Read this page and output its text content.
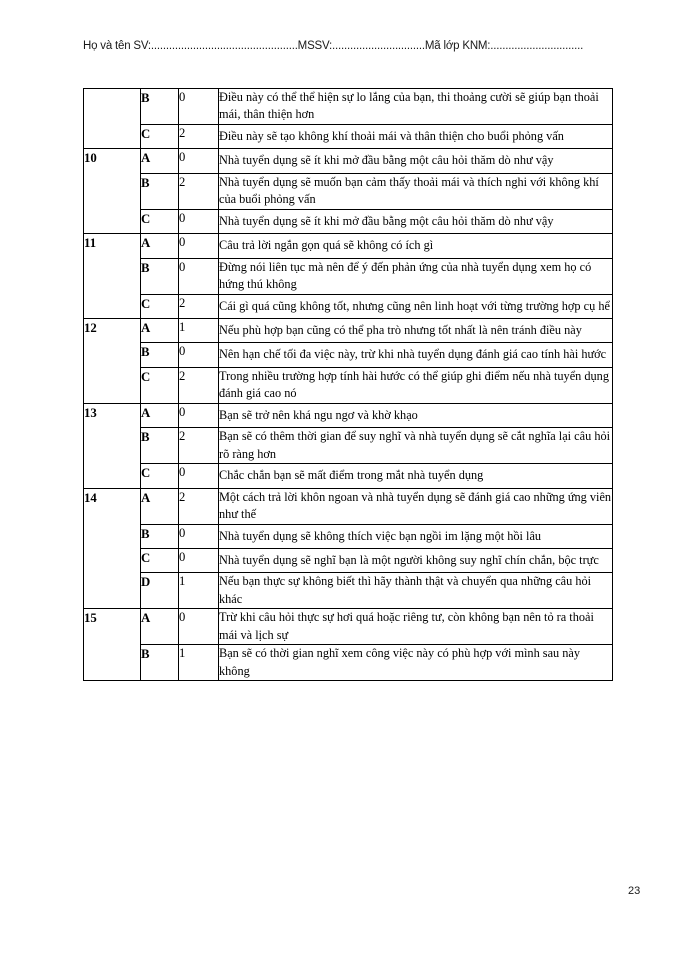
Họ và tên SV:.................................................MSSV:...............................Mã lớp KNM:...............................
	B	0	Điều này có thể thể hiện sự lo lắng của bạn, thi thoảng cười sẽ giúp bạn thoải mái, thân thiện hơn
	C	2	Điều này sẽ tạo không khí thoải mái và thân thiện cho buổi phỏng vấn
10	A	0	Nhà tuyển dụng sẽ ít khi mở đầu bằng một câu hỏi thăm dò như vậy
	B	2	Nhà tuyển dụng sẽ muốn bạn cảm thấy thoải mái và thích nghi với không khí của buổi phỏng vấn
	C	0	Nhà tuyển dụng sẽ ít khi mở đầu bằng một câu hỏi thăm dò như vậy
11	A	0	Câu trả lời ngắn gọn quá sẽ không có ích gì
	B	0	Đừng nói liên tục mà nên để ý đến phản ứng của nhà tuyển dụng xem họ có hứng thú không
	C	2	Cái gì quá cũng không tốt, nhưng cũng nên linh hoạt với từng trường hợp cụ hể
12	A	1	Nếu phù hợp bạn cũng có thể pha trò nhưng tốt nhất là nên tránh điều này
	B	0	Nên hạn chế tối đa việc này, trừ khi nhà tuyển dụng đánh giá cao tính hài hước
	C	2	Trong nhiều trường hợp tính hài hước có thể giúp ghi điểm nếu nhà tuyển dụng đánh giá cao nó
13	A	0	Bạn sẽ trở nên khá ngu ngơ và khờ khạo
	B	2	Bạn sẽ có thêm thời gian để suy nghĩ và nhà tuyển dụng sẽ cắt nghĩa lại câu hỏi rõ ràng hơn
	C	0	Chắc chắn bạn sẽ mất điểm trong mắt nhà tuyển dụng
14	A	2	Một cách trả lời khôn ngoan và nhà tuyển dụng sẽ đánh giá cao những ứng viên như thế
	B	0	Nhà tuyển dụng sẽ không thích việc bạn ngồi im lặng một hồi lâu
	C	0	Nhà tuyển dụng sẽ nghĩ bạn là một người không suy nghĩ chín chắn, bộc trực
	D	1	Nếu bạn thực sự không biết thì hãy thành thật và chuyển qua những câu hỏi khác
15	A	0	Trừ khi câu hỏi thực sự hơi quá hoặc riêng tư, còn không bạn nên tỏ ra thoải mái và lịch sự
	B	1	Bạn sẽ có thời gian nghĩ xem công việc này có phù hợp với mình sau này không
23
